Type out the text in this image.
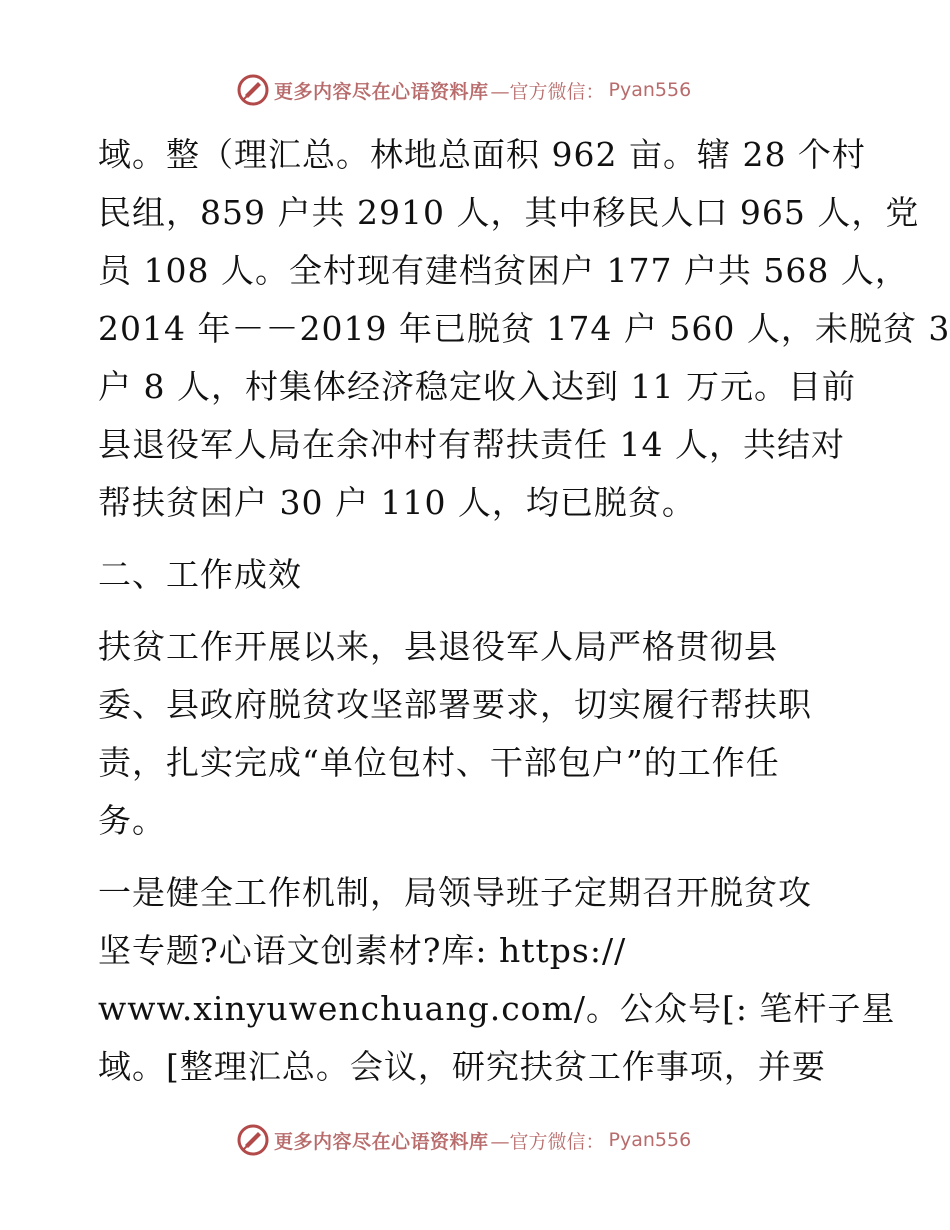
更多内容尽在心语资料库 —官方微信： Pyan556
域。整（理汇总。林地总面积 962 亩。辖 28 个村
民组，859 户共 2910 人，其中移民人口 965 人，党
员 108 人。全村现有建档贫困户 177 户共 568 人，
2014 年－－2019 年已脱贫 174 户 560 人，未脱贫 3
户 8 人，村集体经济稳定收入达到 11 万元。目前
县退役军人局在余冲村有帮扶责任 14 人，共结对
帮扶贫困户 30 户 110 人，均已脱贫。
二、工作成效
扶贫工作开展以来，县退役军人局严格贯彻县
委、县政府脱贫攻坚部署要求，切实履行帮扶职
责，扎实完成“单位包村、干部包户”的工作任
务。
一是健全工作机制，局领导班子定期召开脱贫攻
坚专题?心语文创素材?库: https://
www.xinyuwenchuang.com/。公众号[: 笔杆子星
域。[整理汇总。会议，研究扶贫工作事项，并要
更多内容尽在心语资料库 —官方微信： Pyan556
